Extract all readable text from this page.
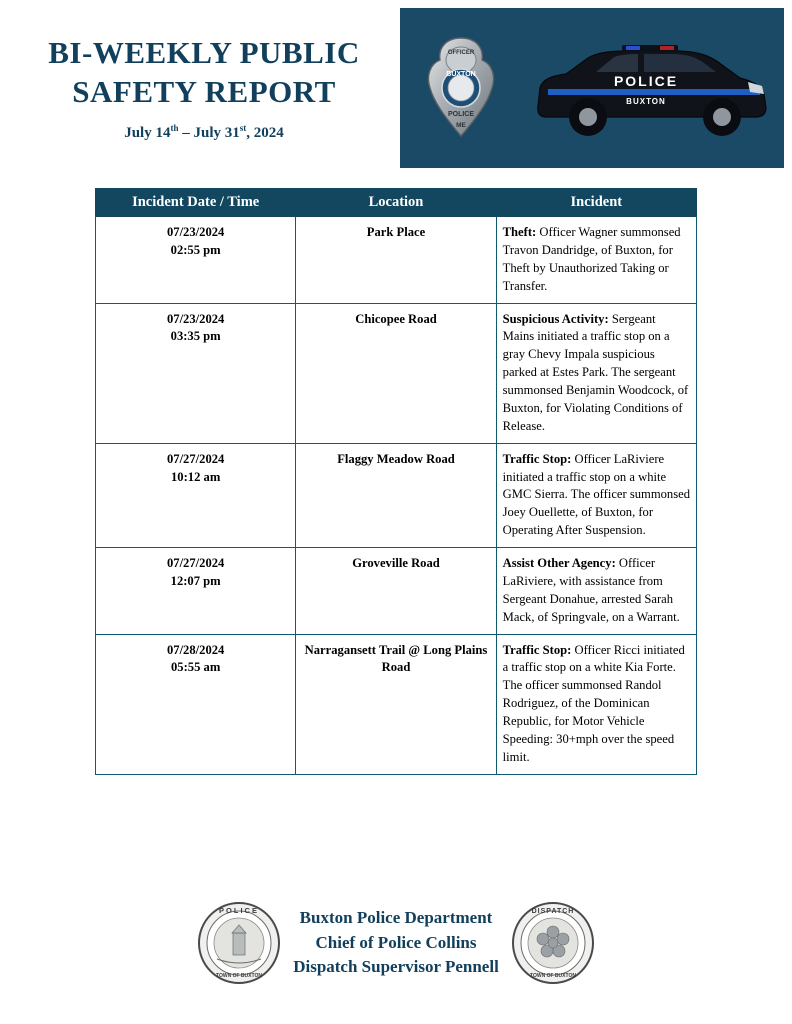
BI-WEEKLY PUBLIC
SAFETY REPORT
July 14th – July 31st, 2024
OFFICER
BUXTON
POLICE
ME
POLICE
BUXTON
Incident Date / Time	Location	Incident
07/23/2024
02:55 pm	Park Place	Theft: Officer Wagner summonsed Travon Dandridge, of Buxton, for Theft by Unauthorized Taking or Transfer.
07/23/2024
03:35 pm	Chicopee Road	Suspicious Activity: Sergeant Mains initiated a traffic stop on a gray Chevy Impala suspicious parked at Estes Park. The sergeant summonsed Benjamin Woodcock, of Buxton, for Violating Conditions of Release.
07/27/2024
10:12 am	Flaggy Meadow Road	Traffic Stop: Officer LaRiviere initiated a traffic stop on a white GMC Sierra. The officer summonsed Joey Ouellette, of Buxton, for Operating After Suspension.
07/27/2024
12:07 pm	Groveville Road	Assist Other Agency: Officer LaRiviere, with assistance from Sergeant Donahue, arrested Sarah Mack, of Springvale, on a Warrant.
07/28/2024
05:55 am	Narragansett Trail @ Long Plains Road	Traffic Stop: Officer Ricci initiated a traffic stop on a white Kia Forte. The officer summonsed Randol Rodriguez, of the Dominican Republic, for Motor Vehicle Speeding: 30+mph over the speed limit.
POLICE
TOWN OF BUXTON
Buxton Police Department
Chief of Police Collins
Dispatch Supervisor Pennell
DISPATCH
TOWN OF BUXTON
